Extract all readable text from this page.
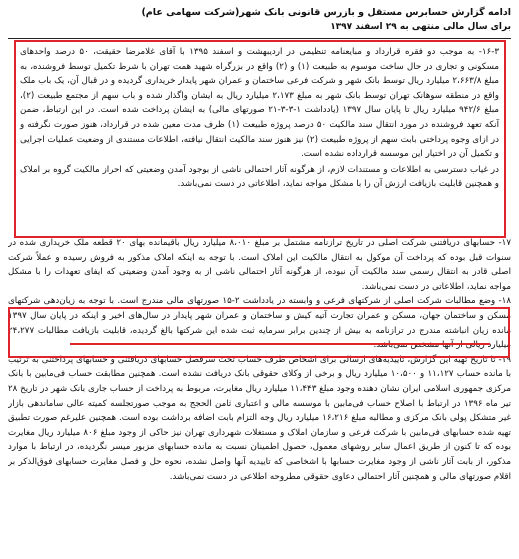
ادامه گزارش حسابرس مستقل و بازرس قانونی بانک شهر(شرکت سهامی عام)
برای سال مالی منتهی به ۲۹ اسفند ۱۳۹۷

۱۶-۳- به موجب دو فقره قرارداد و مبایعنامه تنظیمی در اردیبهشت و اسفند ۱۳۹۵ با آقای غلامرضا حقیقت، ۵۰ درصد واحدهای مسکونی و تجاری در حال ساخت موسوم به طبیعت (۱) و (۲) واقع در بزرگراه شهید همت تهران با شرط تکمیل توسط فروشنده، به مبلغ ۲،۶۶۳/۸ میلیارد ریال توسط بانک شهر و شرکت فرعی ساختمان و عمران شهر پایدار خریداری گردیده و در قبال آن، یک باب ملک واقع در منطقه سوهانک تهران توسط بانک شهر به مبلغ ۲،۱۷۳ میلیارد ریال به ایشان واگذار شده و باب سهم از مجتمع طبیعت (۲)، مبلغ ۹۴۲/۶ میلیارد ریال تا پایان سال ۱۳۹۷ (یادداشت ۱-۳-۳-۲۱ صورتهای مالی) به ایشان پرداخت شده است. در این ارتباط، ضمن آنکه تعهد فروشنده در مورد انتقال سند مالکیت ۵۰ درصد پروژه طبیعت (۱) ظرف مدت معین شده در قرارداد، هنوز صورت نگرفته و در ازای وجوه پرداختی بابت سهم از پروژه طبیعت (۲) نیز هنوز سند مالکیت انتقال نیافته، اطلاعات مستندی از وضعیت عملیات اجرایی و تکمیل آن در اختیار این موسسه قرارداده نشده است.

در غیاب دسترسی به اطلاعات و مستندات لازم، از هرگونه آثار احتمالی ناشی از بوجود آمدن وضعیتی که احراز مالکیت گروه بر املاک و همچنین قابلیت بازیافت ارزش آن را با مشکل مواجه نماید، اطلاعاتی در دست نمی‌باشد.

۱۷- حسابهای دریافتنی شرکت اصلی در تاریخ ترازنامه مشتمل بر مبلغ ۸،۰۱۰ میلیارد ریال باقیمانده بهای ۲۰ قطعه ملک خریداری شده در سنوات قبل بوده که پرداخت آن موکول به انتقال مالکیت این املاک است. با توجه به اینکه املاک مذکور به فروش رسیده و عملاً شرکت اصلی قادر به انتقال رسمی سند مالکیت آن نبوده، از هرگونه آثار احتمالی ناشی از به وجود آمدن وضعیتی که ایفای تعهدات را با مشکل مواجه نماید، اطلاعاتی در دست نمی‌باشد.

۱۸- وضع مطالبات شرکت اصلی از شرکتهای فرعی و وابسته در یادداشت ۲-۱۵ صورتهای مالی مندرج است. با توجه به زیان‌دهی شرکتهای مسکن و ساختمان جهان، مسکن و عمران تجارت آتیه کیش و ساختمان و عمران شهر پایدار در سال‌های اخیر و اینکه در پایان سال ۱۳۹۷ مانده زیان انباشته مندرج در ترازنامه به بیش از چندین برابر سرمایه ثبت شده این شرکتها بالغ گردیده، قابلیت بازیافت مطالبات ۲۴،۲۷۷ میلیارد ریالی از آنها مشخص نمی‌باشد.

۱۹- تا تاریخ تهیه این گزارش، تاییدیه‌های ارسالی برای اشخاص طرف حساب تحت سرفصل حسابهای دریافتنی و حسابهای پرداختنی به ترتیب با مانده حساب ۱۱،۱۲۷ و ۱۰،۵۰۰ میلیارد ریال و برخی از وکلای حقوقی بانک دریافت نشده است. همچنین مطابقت حساب فی‌مابین با بانک مرکزی جمهوری اسلامی ایران نشان دهنده وجود مبلغ ۱۱،۴۴۳ میلیارد ریال مغایرت، مربوط به پرداخت از حساب جاری بانک شهر در تاریخ ۲۸ تیر ماه ۱۳۹۶ در ارتباط با اصلاح حساب فی‌مابین با موسسه مالی و اعتباری ثامن الحجج به موجب صورتجلسه کمیته عالی ساماندهی بازار غیر متشکل پولی بانک مرکزی و مطالبه مبلغ ۱۶،۲۱۶ میلیارد ریال وجه التزام بابت اضافه برداشت بوده است. همچنین علیرغم صورت تطبیق تهیه شده حسابهای فی‌مابین با شرکت فرعی و سازمان املاک و مستغلات شهرداری تهران نیز حاکی از وجود مبلغ ۸۰۶ میلیارد ریال مغایرت بوده که تا کنون از طریق اعمال سایر روشهای معمول، حصول اطمینان نسبت به مانده حسابهای مزبور میسر نگردیده، در ارتباط با موارد مذکور، از بابت آثار ناشی از وجود مغایرت حسابها با اشخاصی که تاییدیه آنها واصل نشده، نحوه حل و فصل مغایرت حسابهای فوق‌الذکر بر اقلام صورتهای مالی و همچنین آثار احتمالی دعاوی حقوقی مطروحه اطلاعی در دست نمی‌باشد.
